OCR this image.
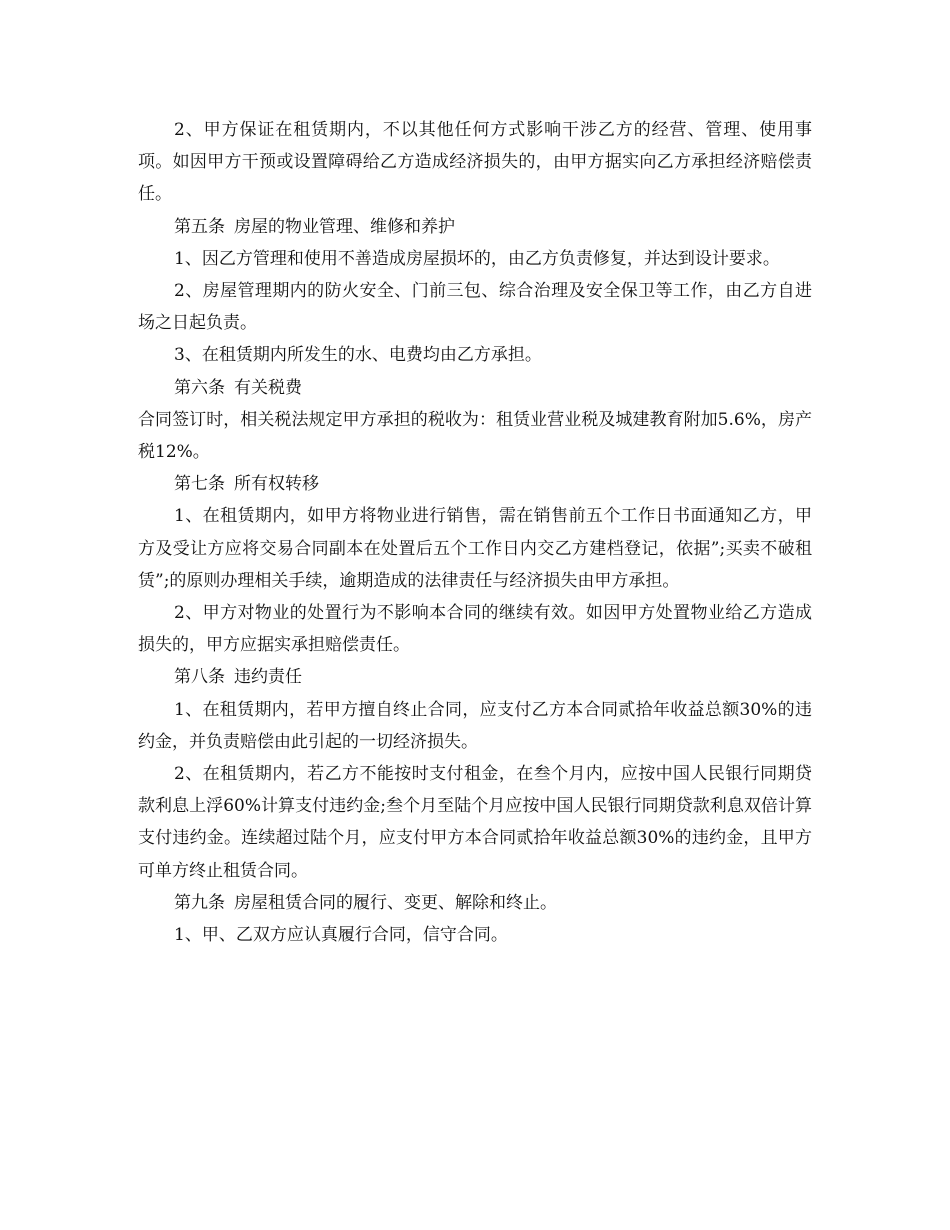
2、甲方保证在租赁期内，不以其他任何方式影响干涉乙方的经营、管理、使用事项。如因甲方干预或设置障碍给乙方造成经济损失的，由甲方据实向乙方承担经济赔偿责任。

第五条 房屋的物业管理、维修和养护

1、因乙方管理和使用不善造成房屋损坏的，由乙方负责修复，并达到设计要求。

2、房屋管理期内的防火安全、门前三包、综合治理及安全保卫等工作，由乙方自进场之日起负责。

3、在租赁期内所发生的水、电费均由乙方承担。

第六条 有关税费

合同签订时，相关税法规定甲方承担的税收为：租赁业营业税及城建教育附加5.6%，房产税12%。

第七条 所有权转移

1、在租赁期内，如甲方将物业进行销售，需在销售前五个工作日书面通知乙方，甲方及受让方应将交易合同副本在处置后五个工作日内交乙方建档登记，依据”;买卖不破租赁”;的原则办理相关手续，逾期造成的法律责任与经济损失由甲方承担。

2、甲方对物业的处置行为不影响本合同的继续有效。如因甲方处置物业给乙方造成损失的，甲方应据实承担赔偿责任。

第八条 违约责任

1、在租赁期内，若甲方擅自终止合同，应支付乙方本合同贰拾年收益总额30%的违约金，并负责赔偿由此引起的一切经济损失。

2、在租赁期内，若乙方不能按时支付租金，在叁个月内，应按中国人民银行同期贷款利息上浮60%计算支付违约金;叁个月至陆个月应按中国人民银行同期贷款利息双倍计算支付违约金。连续超过陆个月，应支付甲方本合同贰拾年收益总额30%的违约金，且甲方可单方终止租赁合同。

第九条 房屋租赁合同的履行、变更、解除和终止。

1、甲、乙双方应认真履行合同，信守合同。
